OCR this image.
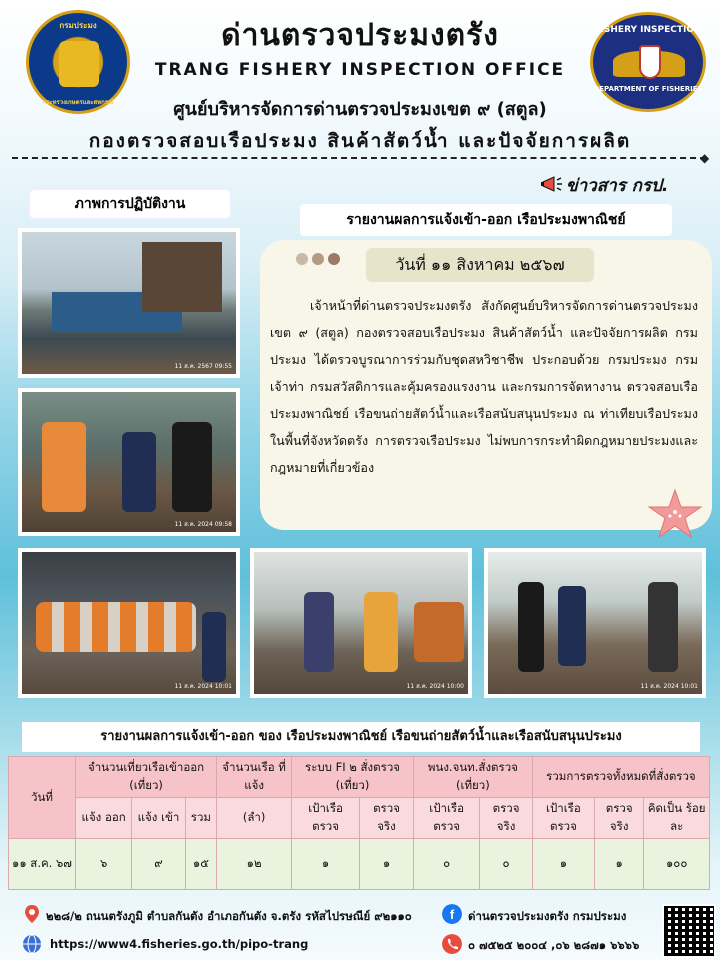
กรมประมง
กระทรวงเกษตรและสหกรณ์
ด่านตรวจประมงตรัง
TRANG FISHERY INSPECTION OFFICE
FISHERY INSPECTION
DEPARTMENT OF FISHERIES
ศูนย์บริหารจัดการด่านตรวจประมงเขต ๙ (สตูล)
กองตรวจสอบเรือประมง สินค้าสัตว์น้ำ และปัจจัยการผลิต
◆
ข่าวสาร กรป.
ภาพการปฏิบัติงาน
รายงานผลการแจ้งเข้า-ออก เรือประมงพาณิชย์
11 ส.ค. 2567 09:55
11 ส.ค. 2024 09:58
11 ส.ค. 2024 10:01	11 ส.ค. 2024 10:00	11 ส.ค. 2024 10:01
วันที่ ๑๑ สิงหาคม ๒๕๖๗
เจ้าหน้าที่ด่านตรวจประมงตรัง สังกัดศูนย์บริหารจัดการด่านตรวจประมง เขต ๙ (สตูล) กองตรวจสอบเรือประมง สินค้าสัตว์น้ำ และปัจจัยการผลิต กรมประมง ได้ตรวจบูรณาการร่วมกับชุดสหวิชาชีพ ประกอบด้วย กรมประมง กรมเจ้าท่า กรมสวัสดิการและคุ้มครองแรงงาน และกรมการจัดหางาน ตรวจสอบเรือประมงพาณิชย์ เรือขนถ่ายสัตว์น้ำและเรือสนับสนุนประมง ณ ท่าเทียบเรือประมงในพื้นที่จังหวัดตรัง การตรวจเรือประมง ไม่พบการกระทำผิดกฎหมายประมงและกฎหมายที่เกี่ยวข้อง
รายงานผลการแจ้งเข้า-ออก ของ เรือประมงพาณิชย์ เรือขนถ่ายสัตว์น้ำและเรือสนับสนุนประมง
วันที่	จำนวนเที่ยวเรือเข้าออก (เที่ยว)			จำนวนเรือ ที่แจ้ง	ระบบ FI ๒ สั่งตรวจ (เที่ยว)		พนง.จนท.สั่งตรวจ (เที่ยว)		รวมการตรวจทั้งหมดที่สั่งตรวจ		
	แจ้ง ออก	แจ้ง เข้า	รวม	(ลำ)	เป้าเรือ ตรวจ	ตรวจ จริง	เป้าเรือ ตรวจ	ตรวจ จริง	เป้าเรือ ตรวจ	ตรวจ จริง	คิดเป็น ร้อยละ
๑๑ ส.ค. ๖๗	๖	๙	๑๕	๑๒	๑	๑	๐	๐	๑	๑	๑๐๐
๒๒๘/๒ ถนนตรังภูมิ ตำบลกันตัง อำเภอกันตัง จ.ตรัง รหัสไปรษณีย์ ๙๒๑๑๐	f ด่านตรวจประมงตรัง กรมประมง
https://www4.fisheries.go.th/pipo-trang	๐ ๗๕๒๕ ๒๐๐๔ ,๐๖ ๒๘๗๑ ๖๖๖๖
